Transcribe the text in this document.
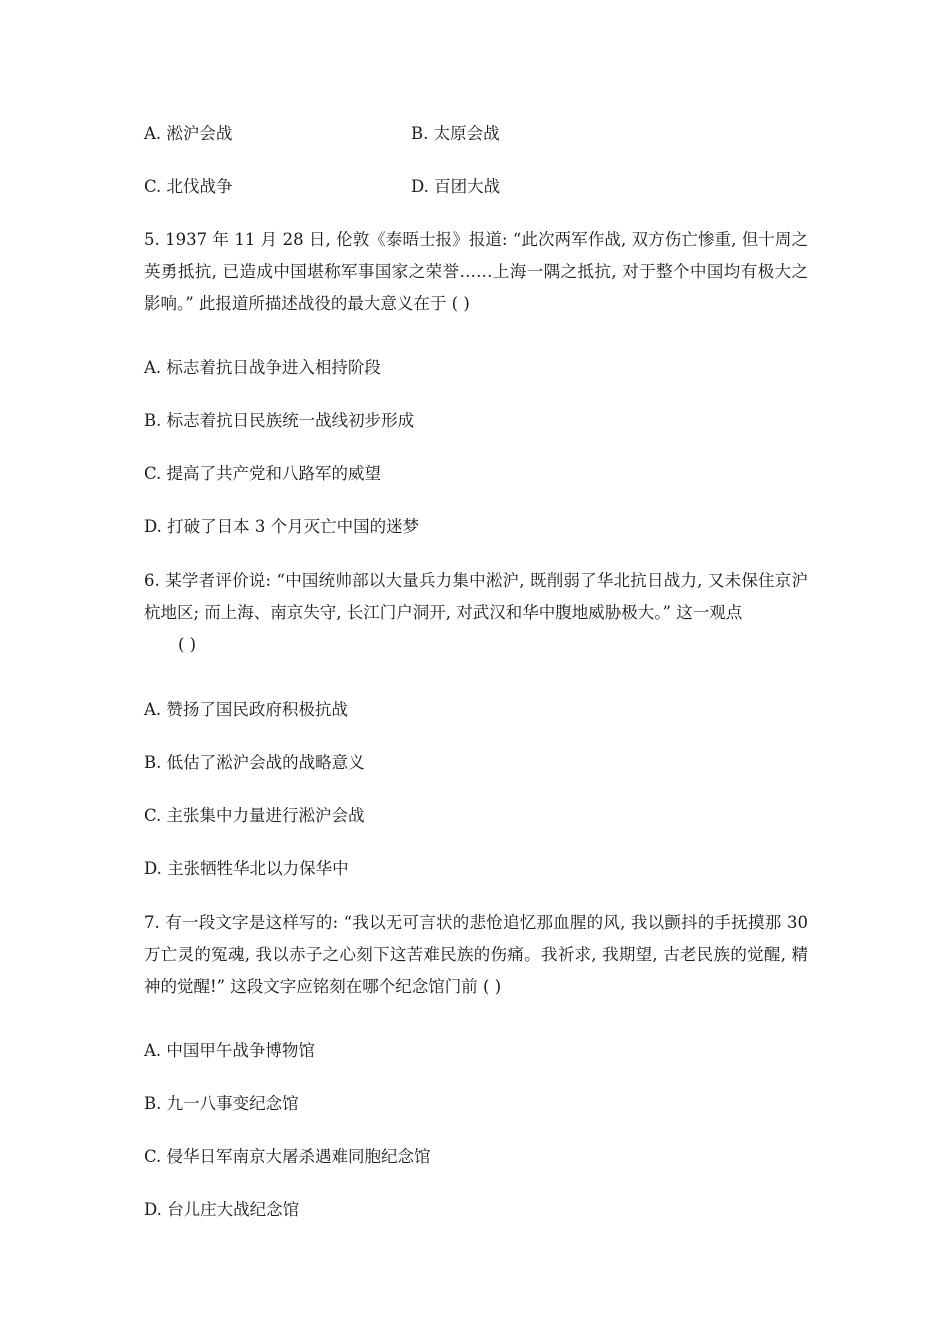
A. 淞沪会战	B. 太原会战
C. 北伐战争	D. 百团大战
5. 1937 年 11 月 28 日, 伦敦《泰晤士报》报道: “此次两军作战, 双方伤亡惨重, 但十周之英勇抵抗, 已造成中国堪称军事国家之荣誉……上海一隅之抵抗, 对于整个中国均有极大之影响。” 此报道所描述战役的最大意义在于 ( )
A. 标志着抗日战争进入相持阶段
B. 标志着抗日民族统一战线初步形成
C. 提高了共产党和八路军的威望
D. 打破了日本 3 个月灭亡中国的迷梦
6. 某学者评价说: “中国统帅部以大量兵力集中淞沪, 既削弱了华北抗日战力, 又未保住京沪杭地区; 而上海、南京失守, 长江门户洞开, 对武汉和华中腹地威胁极大。” 这一观点
( )
A. 赞扬了国民政府积极抗战
B. 低估了淞沪会战的战略意义
C. 主张集中力量进行淞沪会战
D. 主张牺牲华北以力保华中
7. 有一段文字是这样写的: “我以无可言状的悲怆追忆那血腥的风, 我以颤抖的手抚摸那 30 万亡灵的冤魂, 我以赤子之心刻下这苦难民族的伤痛。我祈求, 我期望, 古老民族的觉醒, 精神的觉醒!” 这段文字应铭刻在哪个纪念馆门前 ( )
A. 中国甲午战争博物馆
B. 九一八事变纪念馆
C. 侵华日军南京大屠杀遇难同胞纪念馆
D. 台儿庄大战纪念馆
